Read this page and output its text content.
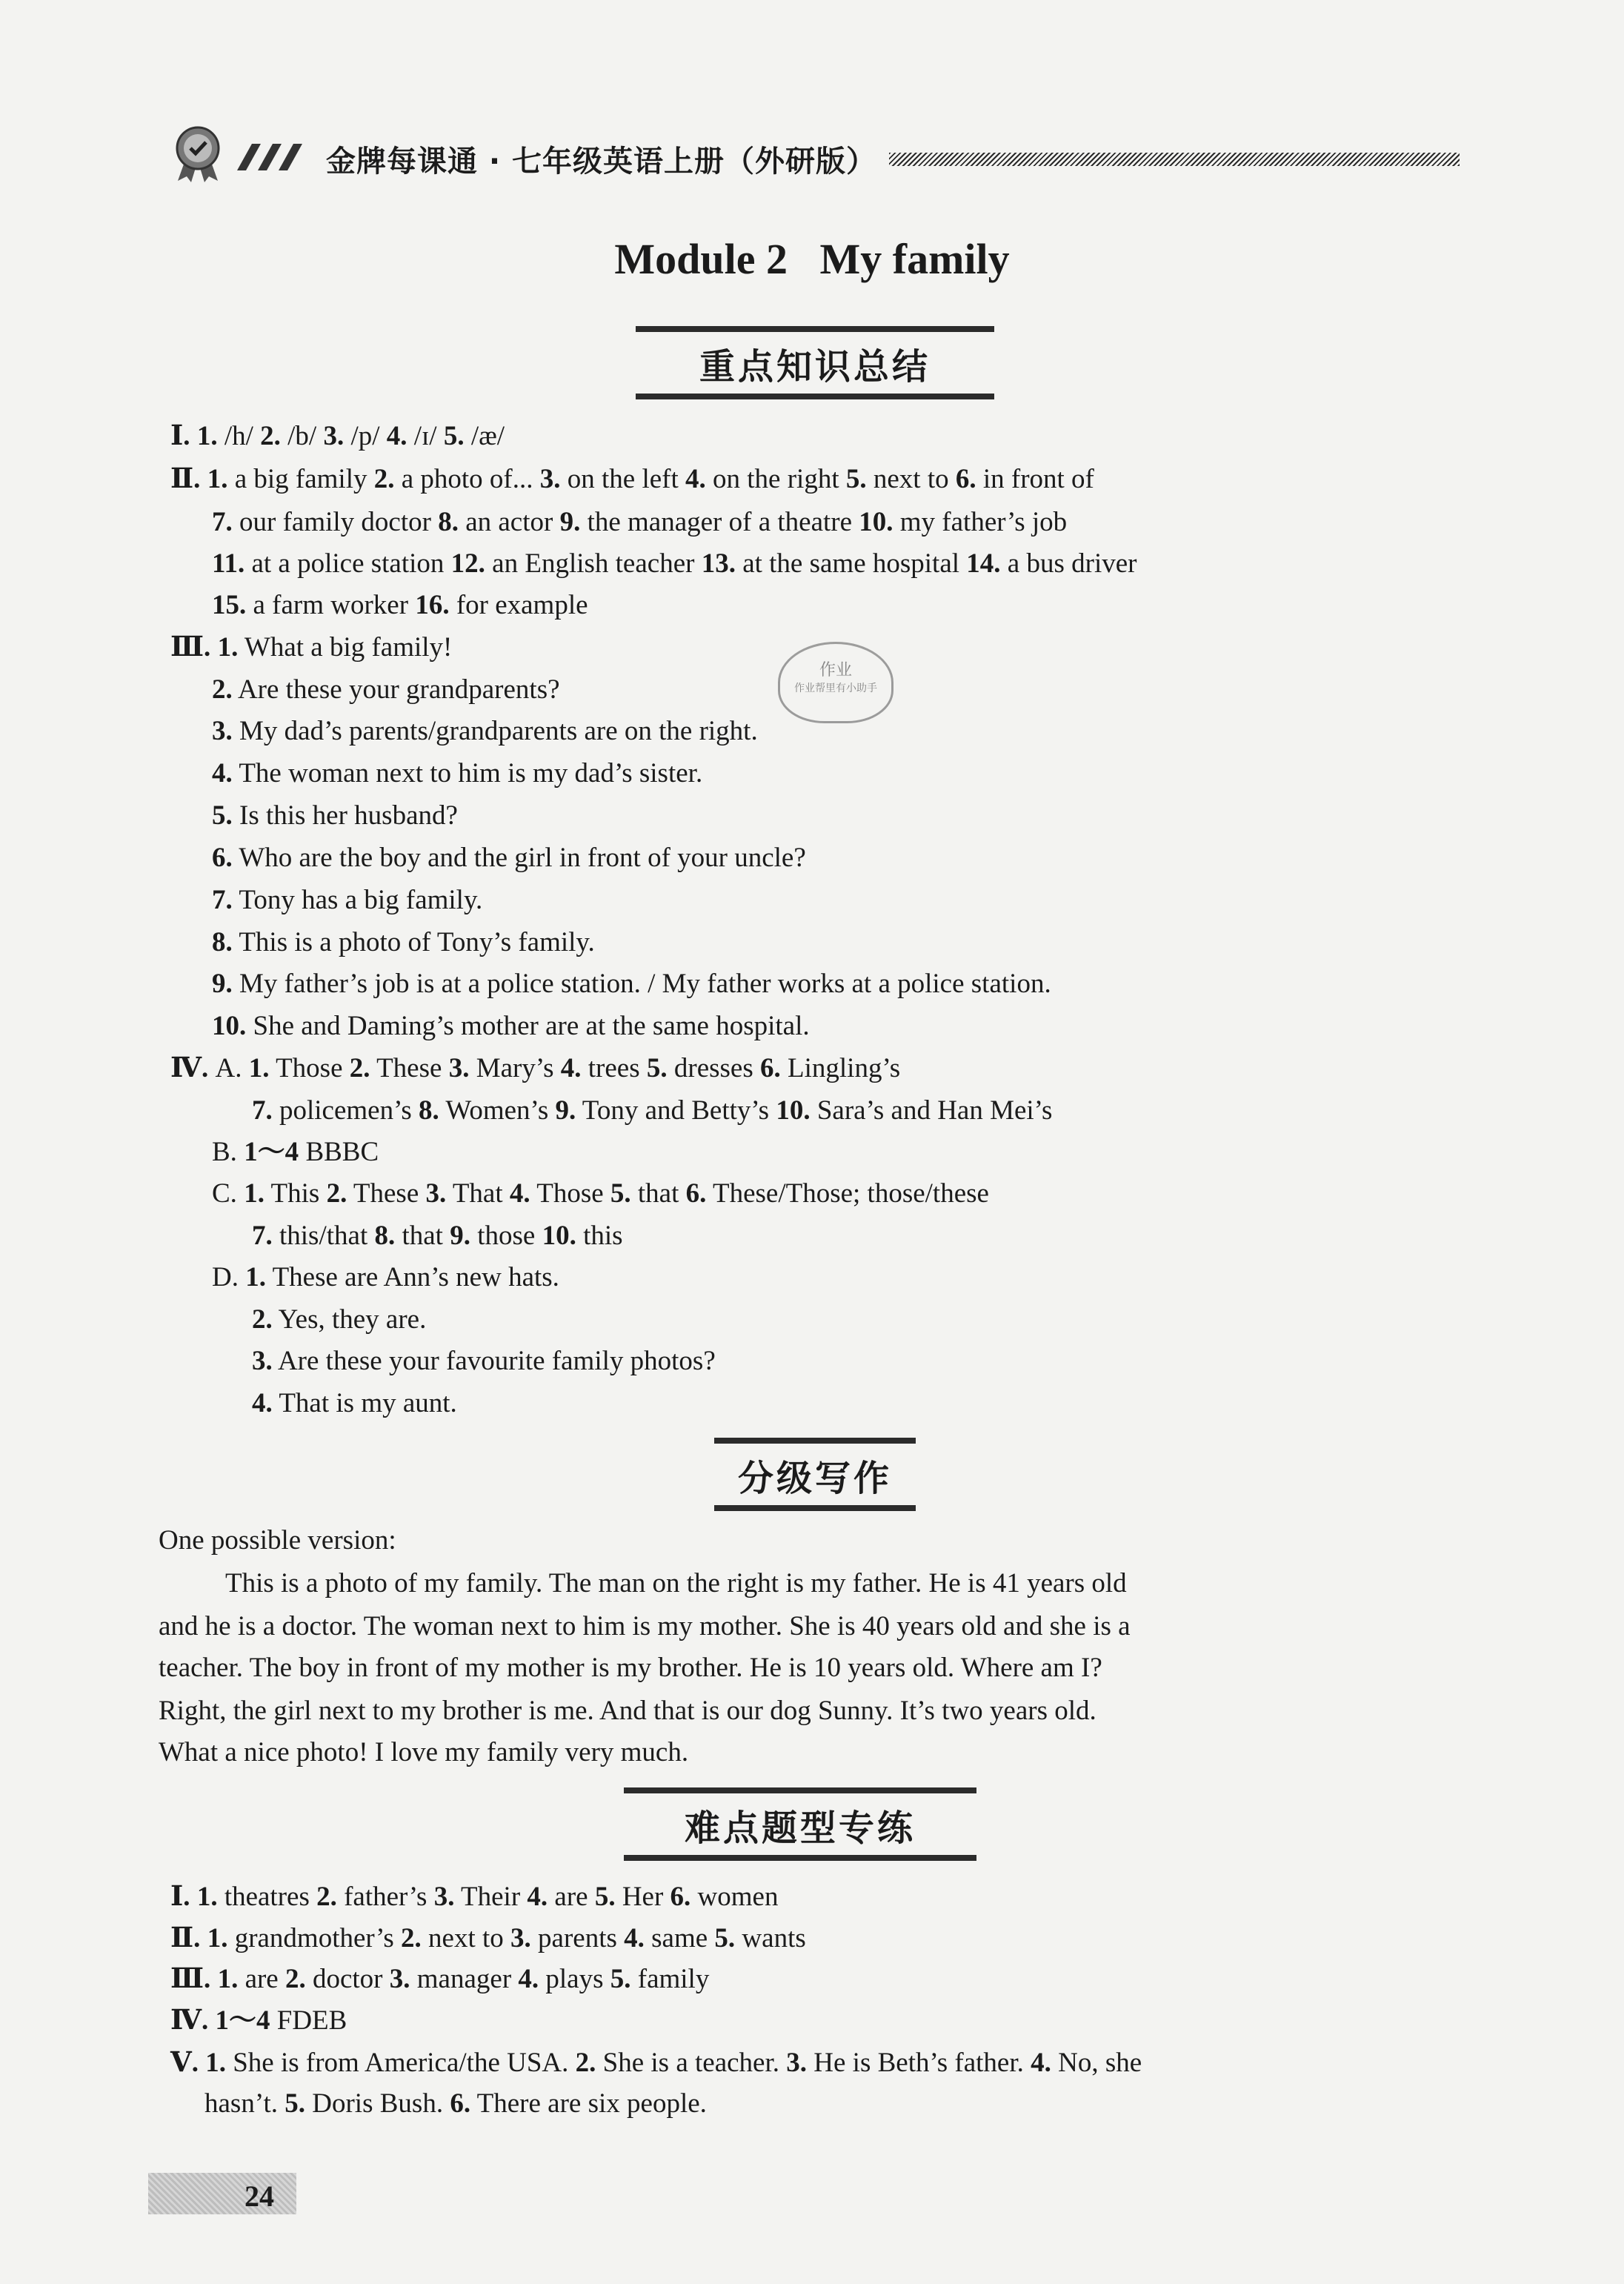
金牌每课通 · 七年级英语上册（外研版）
Module 2   My family
重点知识总结
Ⅰ. 1. /h/ 2. /b/ 3. /p/ 4. /ɪ/ 5. /æ/
Ⅱ. 1. a big family 2. a photo of... 3. on the left 4. on the right 5. next to 6. in front of
7. our family doctor 8. an actor 9. the manager of a theatre 10. my father’s job
11. at a police station 12. an English teacher 13. at the same hospital 14. a bus driver
15. a farm worker 16. for example
Ⅲ. 1. What a big family!
2. Are these your grandparents?
3. My dad’s parents/grandparents are on the right.
4. The woman next to him is my dad’s sister.
5. Is this her husband?
6. Who are the boy and the girl in front of your uncle?
7. Tony has a big family.
8. This is a photo of Tony’s family.
9. My father’s job is at a police station. / My father works at a police station.
10. She and Daming’s mother are at the same hospital.
Ⅳ. A. 1. Those 2. These 3. Mary’s 4. trees 5. dresses 6. Lingling’s
7. policemen’s 8. Women’s 9. Tony and Betty’s 10. Sara’s and Han Mei’s
B. 1～4 BBBC
C. 1. This 2. These 3. That 4. Those 5. that 6. These/Those; those/these
7. this/that 8. that 9. those 10. this
D. 1. These are Ann’s new hats.
2. Yes, they are.
3. Are these your favourite family photos?
4. That is my aunt.
作业
作业帮里有小助手
分级写作
One possible version:
This is a photo of my family. The man on the right is my father. He is 41 years old
and he is a doctor. The woman next to him is my mother. She is 40 years old and she is a
teacher. The boy in front of my mother is my brother. He is 10 years old. Where am I?
Right, the girl next to my brother is me. And that is our dog Sunny. It’s two years old.
What a nice photo! I love my family very much.
难点题型专练
Ⅰ. 1. theatres 2. father’s 3. Their 4. are 5. Her 6. women
Ⅱ. 1. grandmother’s 2. next to 3. parents 4. same 5. wants
Ⅲ. 1. are 2. doctor 3. manager 4. plays 5. family
Ⅳ. 1～4 FDEB
Ⅴ. 1. She is from America/the USA. 2. She is a teacher. 3. He is Beth’s father. 4. No, she
hasn’t. 5. Doris Bush. 6. There are six people.
24
